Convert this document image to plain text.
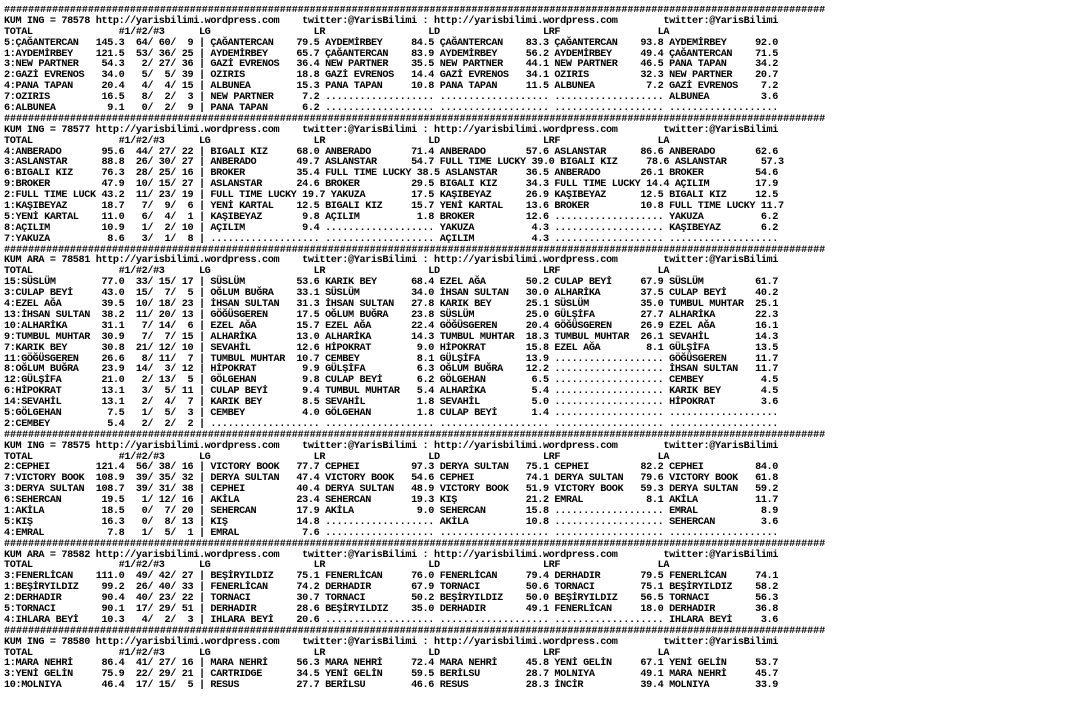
#########################################################################################################################################
KUM ING = 78578 http://yarisbilimi.wordpress.com    twitter:@YarisBilimi : http://yarisbilimi.wordpress.com        twitter:@YarisBilimi
TOTAL               #1/#2/#3      LG                  LR                  LD                  LRF                 LA
5:ÇAĞANTERCAN   145.3  64/ 60/  9 | ÇAĞANTERCAN    79.5 AYDEMİRBEY     84.5 ÇAĞANTERCAN    83.3 ÇAĞANTERCAN    93.8 AYDEMİRBEY     92.0
1:AYDEMİRBEY    121.5  53/ 36/ 25 | AYDEMİRBEY     65.7 ÇAĞANTERCAN    83.9 AYDEMİRBEY     56.2 AYDEMİRBEY     49.4 ÇAĞANTERCAN    71.5
3:NEW PARTNER    54.3   2/ 27/ 36 | GAZİ EVRENOS   36.4 NEW PARTNER    35.5 NEW PARTNER    44.1 NEW PARTNER    46.5 PANA TAPAN     34.2
2:GAZİ EVRENOS   34.0   5/  5/ 39 | OZIRIS         18.8 GAZİ EVRENOS   14.4 GAZİ EVRENOS   34.1 OZIRIS         32.3 NEW PARTNER    20.7
4:PANA TAPAN     20.4   4/  4/ 15 | ALBUNEA        15.3 PANA TAPAN     10.8 PANA TAPAN     11.5 ALBUNEA         7.2 GAZİ EVRENOS    7.2
7:OZIRIS         16.5   8/  2/  3 | NEW PARTNER     7.2 ................... ................... ................... ALBUNEA         3.6
6:ALBUNEA         9.1   0/  2/  9 | PANA TAPAN      6.2 ................... ................... ................... ...................
#########################################################################################################################################
KUM ING = 78577 http://yarisbilimi.wordpress.com    twitter:@YarisBilimi : http://yarisbilimi.wordpress.com        twitter:@YarisBilimi
TOTAL               #1/#2/#3      LG                  LR                  LD                  LRF                 LA
4:ANBERADO       95.6  44/ 27/ 22 | BIGALI KIZ     68.0 ANBERADO       71.4 ANBERADO       57.6 ASLANSTAR      86.6 ANBERADO       62.6
3:ASLANSTAR      88.8  26/ 30/ 27 | ANBERADO       49.7 ASLANSTAR      54.7 FULL TIME LUCKY 39.0 BIGALI KIZ     78.6 ASLANSTAR      57.3
6:BIGALI KIZ     76.3  28/ 25/ 16 | BROKER         35.4 FULL TIME LUCKY 38.5 ASLANSTAR     36.5 ANBERADO       26.1 BROKER         54.6
9:BROKER         47.9  10/ 15/ 27 | ASLANSTAR      24.6 BROKER         29.5 BIGALI KIZ     34.3 FULL TIME LUCKY 14.4 AÇILIM        17.9
2:FULL TIME LUCK 43.2  11/ 23/ 19 | FULL TIME LUCKY 19.7 YAKUZA        17.5 KAŞIBEYAZ      26.9 KAŞIBEYAZ      12.5 BIGALI KIZ     12.5
1:KAŞIBEYAZ      18.7   7/  9/  6 | YENİ KARTAL    12.5 BIGALI KIZ     15.7 YENİ KARTAL    13.6 BROKER         10.8 FULL TIME LUCKY 11.7
5:YENİ KARTAL    11.0   6/  4/  1 | KAŞIBEYAZ       9.8 AÇILIM          1.8 BROKER         12.6 ................... YAKUZA          6.2
8:AÇILIM         10.9   1/  2/ 10 | AÇILIM          9.4 ................... YAKUZA          4.3 ................... KAŞIBEYAZ       6.2
7:YAKUZA          8.6   3/  1/  8 | ................... ................... AÇILIM          4.3 ................... ...................
#########################################################################################################################################
KUM ARA = 78581 http://yarisbilimi.wordpress.com    twitter:@YarisBilimi : http://yarisbilimi.wordpress.com        twitter:@YarisBilimi
TOTAL               #1/#2/#3      LG                  LR                  LD                  LRF                 LA
15:SÜSLÜM        77.0  33/ 15/ 17 | SÜSLÜM         53.6 KARIK BEY      68.4 EZEL AĞA       50.2 CULAP BEYİ     67.9 SÜSLÜM         61.7
3:CULAP BEYİ     43.0  15/  7/  5 | OĞLUM BUĞRA    33.1 SÜSLÜM         34.0 İHSAN SULTAN   30.0 ALHARİKA       37.5 CULAP BEYİ     40.2
4:EZEL AĞA       39.5  10/ 18/ 23 | İHSAN SULTAN   31.3 İHSAN SULTAN   27.8 KARIK BEY      25.1 SÜSLÜM         35.0 TUMBUL MUHTAR  25.1
13:İHSAN SULTAN  38.2  11/ 20/ 13 | GÖĞÜSGEREN     17.5 OĞLUM BUĞRA    23.8 SÜSLÜM         25.0 GÜLŞİFA        27.7 ALHARİKA       22.3
10:ALHARİKA      31.1   7/ 14/  6 | EZEL AĞA       15.7 EZEL AĞA       22.4 GÖĞÜSGEREN     20.4 GÖĞÜSGEREN     26.9 EZEL AĞA       16.1
9:TUMBUL MUHTAR  30.9   7/  7/ 15 | ALHARİKA       13.0 ALHARİKA       14.3 TUMBUL MUHTAR  18.3 TUMBUL MUHTAR  26.1 SEVAHİL        14.3
7:KARIK BEY      30.8  21/ 12/ 10 | SEVAHİL        12.6 HİPOKRAT        9.0 HİPOKRAT       15.8 EZEL AĞA        8.1 GÜLŞİFA        13.5
11:GÖĞÜSGEREN    26.6   8/ 11/  7 | TUMBUL MUHTAR  10.7 CEMBEY          8.1 GÜLŞİFA        13.9 ................... GÖĞÜSGEREN     11.7
8:OĞLUM BUĞRA    23.9  14/  3/ 12 | HİPOKRAT        9.9 GÜLŞİFA         6.3 OĞLUM BUĞRA    12.2 ................... İHSAN SULTAN   11.7
12:GÜLŞİFA       21.0   2/ 13/  5 | GÖLGEHAN        9.8 CULAP BEYİ      6.2 GÖLGEHAN        6.5 ................... CEMBEY          4.5
6:HİPOKRAT       13.1   3/  5/ 11 | CULAP BEYİ      9.4 TUMBUL MUHTAR   5.4 ALHARİKA        5.4 ................... KARIK BEY       4.5
14:SEVAHİL       13.1   2/  4/  7 | KARIK BEY       8.5 SEVAHİL         1.8 SEVAHİL         5.0 ................... HİPOKRAT        3.6
5:GÖLGEHAN        7.5   1/  5/  3 | CEMBEY          4.0 GÖLGEHAN        1.8 CULAP BEYİ      1.4 ................... ...................
2:CEMBEY          5.4   2/  2/  2 | ................... ................... ................... ................... ...................
#########################################################################################################################################
KUM ING = 78575 http://yarisbilimi.wordpress.com    twitter:@YarisBilimi : http://yarisbilimi.wordpress.com        twitter:@YarisBilimi
TOTAL               #1/#2/#3      LG                  LR                  LD                  LRF                 LA
2:CEPHEI        121.4  56/ 38/ 16 | VICTORY BOOK   77.7 CEPHEI         97.3 DERYA SULTAN   75.1 CEPHEI         82.2 CEPHEI         84.0
7:VICTORY BOOK  108.9  39/ 35/ 32 | DERYA SULTAN   47.4 VICTORY BOOK   54.6 CEPHEI         74.1 DERYA SULTAN   79.6 VICTORY BOOK   61.8
3:DERYA SULTAN  108.7  39/ 31/ 38 | CEPHEI         40.4 DERYA SULTAN   48.9 VICTORY BOOK   51.9 VICTORY BOOK   59.3 DERYA SULTAN   59.2
6:SEHERCAN       19.5   1/ 12/ 16 | AKİLA          23.4 SEHERCAN       19.3 KIŞ            21.2 EMRAL           8.1 AKİLA          11.7
1:AKİLA          18.5   0/  7/ 20 | SEHERCAN       17.9 AKİLA           9.0 SEHERCAN       15.8 ................... EMRAL           8.9
5:KIŞ            16.3   0/  8/ 13 | KIŞ            14.8 ................... AKİLA          10.8 ................... SEHERCAN        3.6
4:EMRAL           7.8   1/  5/  1 | EMRAL           7.6 ................... ................... ................... ...................
#########################################################################################################################################
KUM ARA = 78582 http://yarisbilimi.wordpress.com    twitter:@YarisBilimi : http://yarisbilimi.wordpress.com        twitter:@YarisBilimi
TOTAL               #1/#2/#3      LG                  LR                  LD                  LRF                 LA
3:FENERLİCAN    111.0  49/ 42/ 27 | BEŞİRYILDIZ    75.1 FENERLİCAN     76.0 FENERLİCAN     79.4 DERHADIR       79.5 FENERLİCAN     74.1
1:BEŞİRYILDIZ    99.2  26/ 40/ 33 | FENERLİCAN     74.2 DERHADIR       67.9 TORNACI        50.6 TORNACI        75.1 BEŞİRYILDIZ    58.2
2:DERHADIR       90.4  40/ 23/ 22 | TORNACI        30.7 TORNACI        50.2 BEŞİRYILDIZ    50.0 BEŞİRYILDIZ    56.5 TORNACI        56.3
5:TORNACI        90.1  17/ 29/ 51 | DERHADIR       28.6 BEŞİRYILDIZ    35.0 DERHADIR       49.1 FENERLİCAN     18.0 DERHADIR       36.8
4:IHLARA BEYİ    10.3   4/  2/  3 | IHLARA BEYİ    20.6 ................... ................... ................... IHLARA BEYİ     3.6
#########################################################################################################################################
KUM ING = 78580 http://yarisbilimi.wordpress.com    twitter:@YarisBilimi : http://yarisbilimi.wordpress.com        twitter:@YarisBilimi
TOTAL               #1/#2/#3      LG                  LR                  LD                  LRF                 LA
1:MARA NEHRİ     86.4  41/ 27/ 16 | MARA NEHRİ     56.3 MARA NEHRİ     72.4 MARA NEHRİ     45.8 YENİ GELİN     67.1 YENİ GELİN     53.7
3:YENİ GELİN     75.9  22/ 29/ 21 | CARTRIDGE      34.5 YENİ GELİN     59.5 BERİLSU        28.7 MOLNIYA        49.1 MARA NEHRİ     45.7
10:MOLNIYA       46.4  17/ 15/  5 | RESUS          27.7 BERİLSU        46.6 RESUS          28.3 İNCİR          39.4 MOLNIYA        33.9
